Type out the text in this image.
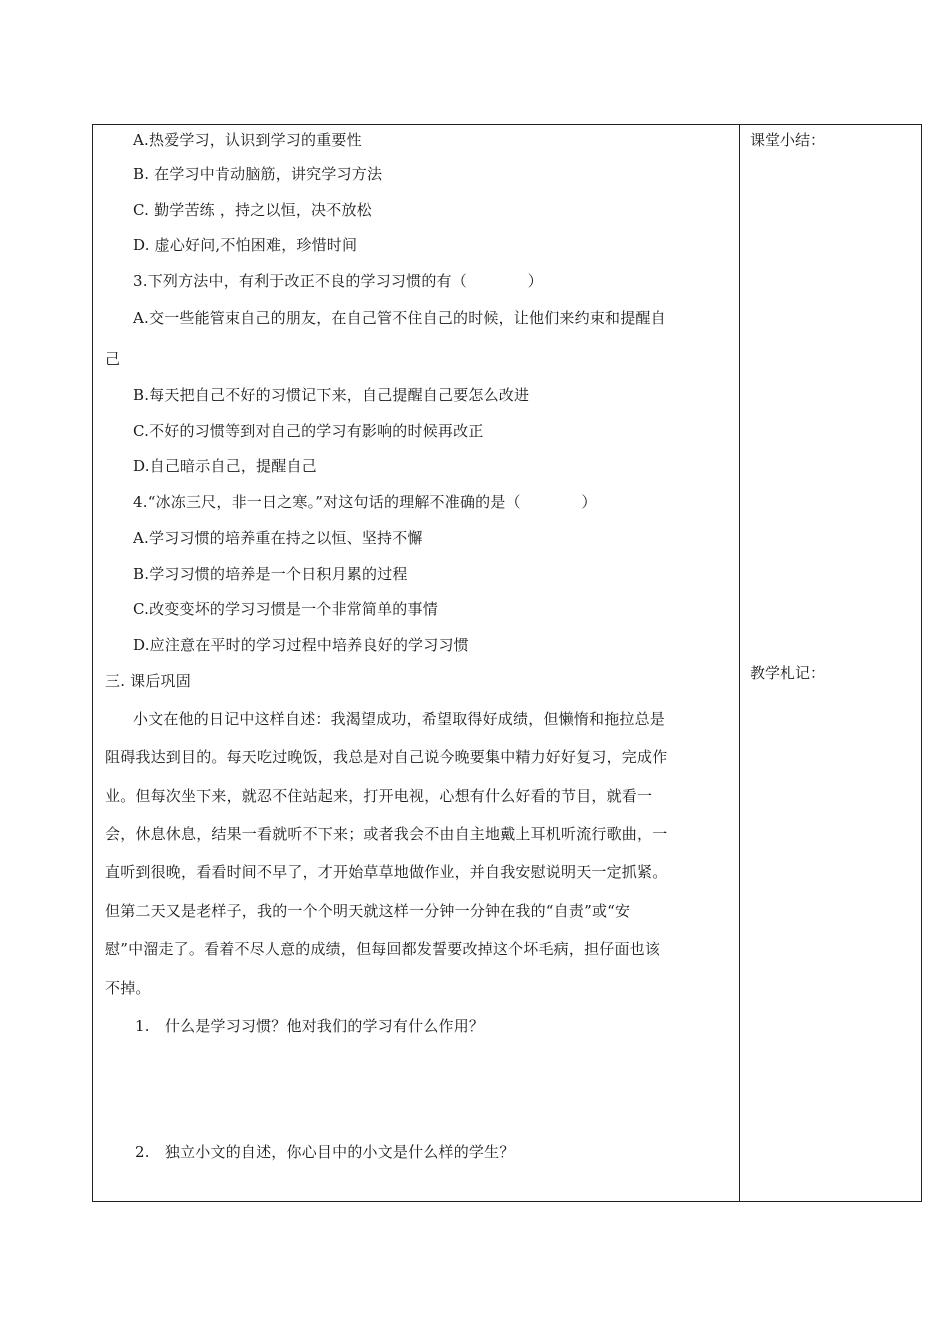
A.热爱学习，认识到学习的重要性
B. 在学习中肯动脑筋，讲究学习方法
C. 勤学苦练 ，持之以恒，决不放松
D. 虚心好问,不怕困难，珍惜时间
3.下列方法中，有利于改正不良的学习习惯的有（　　　　）
A.交一些能管束自己的朋友，在自己管不住自己的时候，让他们来约束和提醒自
己
B.每天把自己不好的习惯记下来，自己提醒自己要怎么改进
C.不好的习惯等到对自己的学习有影响的时候再改正
D.自己暗示自己，提醒自己
4.“冰冻三尺，非一日之寒。”对这句话的理解不准确的是（　　　　）
A.学习习惯的培养重在持之以恒、坚持不懈
B.学习习惯的培养是一个日积月累的过程
C.改变变坏的学习习惯是一个非常简单的事情
D.应注意在平时的学习过程中培养良好的学习习惯
三. 课后巩固
小文在他的日记中这样自述：我渴望成功，希望取得好成绩，但懒惰和拖拉总是
阻碍我达到目的。每天吃过晚饭，我总是对自己说今晚要集中精力好好复习，完成作
业。但每次坐下来，就忍不住站起来，打开电视，心想有什么好看的节目，就看一
会，休息休息，结果一看就听不下来；或者我会不由自主地戴上耳机听流行歌曲，一
直听到很晚，看看时间不早了，才开始草草地做作业，并自我安慰说明天一定抓紧。
但第二天又是老样子，我的一个个明天就这样一分钟一分钟在我的“自责”或“安
慰”中溜走了。看着不尽人意的成绩，但每回都发誓要改掉这个坏毛病，担仔面也该
不掉。
1.　什么是学习习惯？他对我们的学习有什么作用？
2.　独立小文的自述，你心目中的小文是什么样的学生？
课堂小结：
教学札记：
